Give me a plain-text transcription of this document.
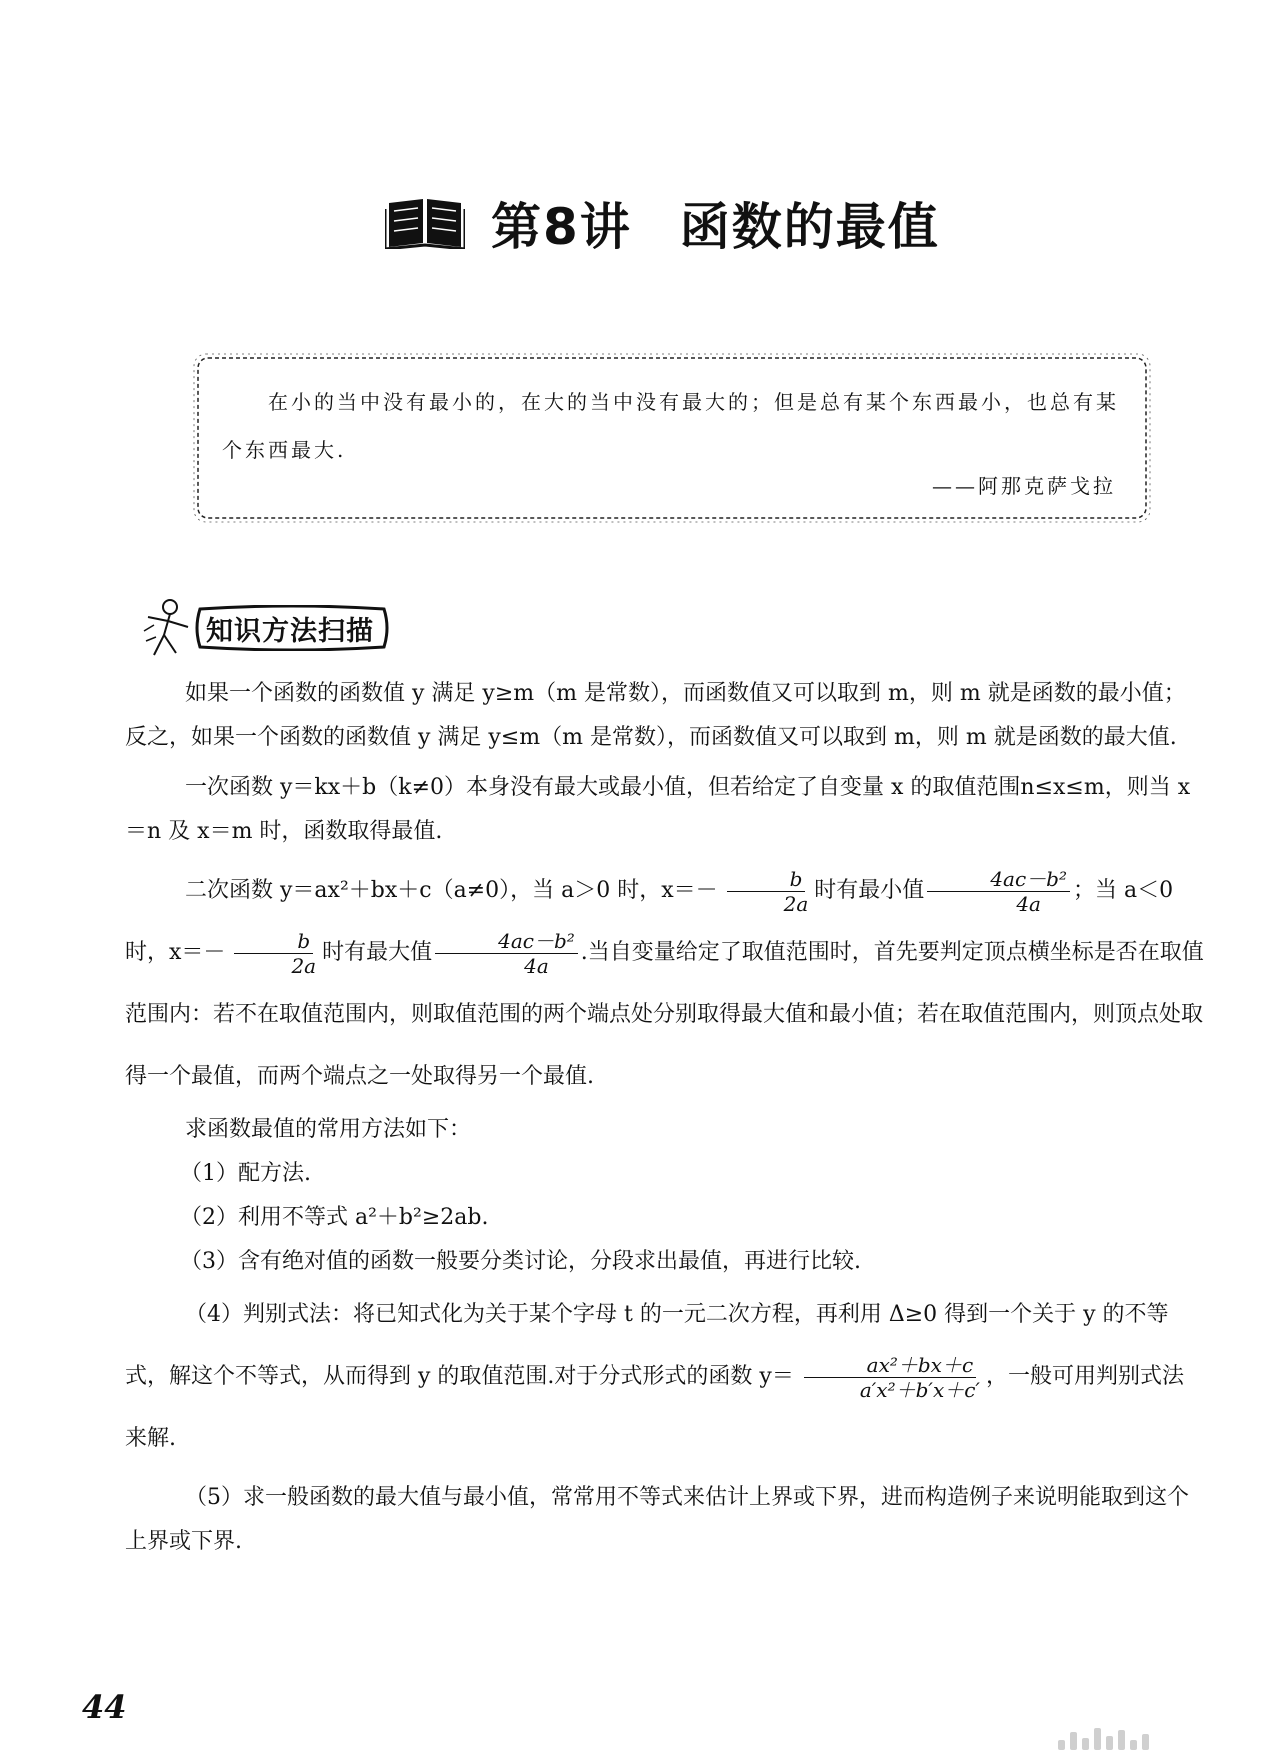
第8讲 函数的最值
在小的当中没有最小的，在大的当中没有最大的；但是总有某个东西最小，也总有某个东西最大.
——阿那克萨戈拉
知识方法扫描

如果一个函数的函数值 y 满足 y≥m（m 是常数），而函数值又可以取到 m，则 m 就是函数的最小值；反之，如果一个函数的函数值 y 满足 y≤m（m 是常数），而函数值又可以取到 m，则 m 就是函数的最大值.

一次函数 y＝kx＋b（k≠0）本身没有最大或最小值，但若给定了自变量 x 的取值范围n≤x≤m，则当 x＝n 及 x＝m 时，函数取得最值.

二次函数 y＝ax²＋bx＋c（a≠0），当 a＞0 时，$x=- \frac{b}{2a}$ 时有最小值 $\frac{\text{4ac－b²}}{4a}$ ；当 a＜0 时，$x=- \frac{b}{2a}$ 时有最大值 $\frac{\text{4ac－b²}}{4a}$ .当自变量给定了取值范围时，首先要判定顶点横坐标是否在取值范围内：若不在取值范围内，则取值范围的两个端点处分别取得最大值和最小值；若在取值范围内，则顶点处取得一个最值，而两个端点之一处取得另一个最值.

求函数最值的常用方法如下：

（1）配方法.

（2）利用不等式 a²＋b²≥2ab.

（3）含有绝对值的函数一般要分类讨论，分段求出最值，再进行比较.

（4）判别式法：将已知式化为关于某个字母 t 的一元二次方程，再利用 Δ≥0 得到一个关于 y 的不等式，解这个不等式，从而得到 y 的取值范围.对于分式形式的函数 $y= \frac{\text{ax²＋bx＋c}}{\text{a′x²＋b′x＋c′}}$ ，一般可用判别式法来解.

（5）求一般函数的最大值与最小值，常常用不等式来估计上界或下界，进而构造例子来说明能取到这个上界或下界.

44
